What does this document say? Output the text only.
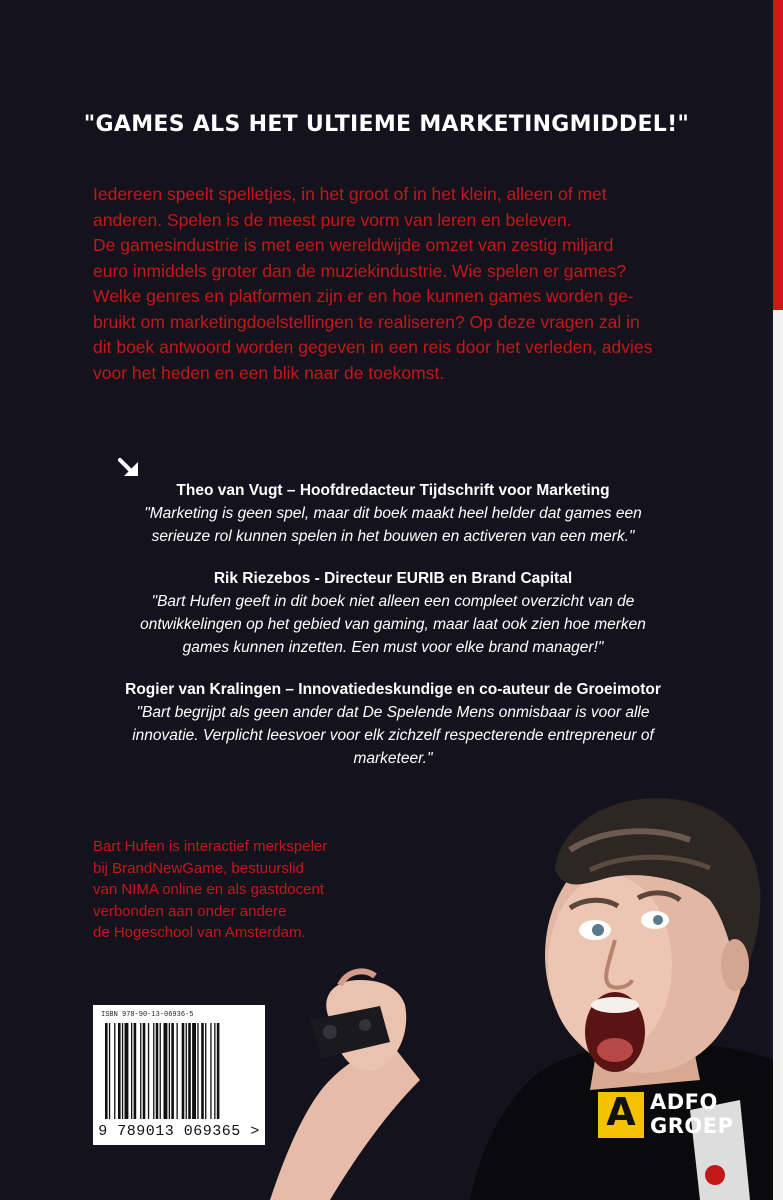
"GAMES ALS HET ULTIEME MARKETINGMIDDEL!"

Iedereen speelt spelletjes, in het groot of in het klein, alleen of met

anderen. Spelen is de meest pure vorm van leren en beleven.

De gamesindustrie is met een wereldwijde omzet van zestig miljard

euro inmiddels groter dan de muziekindustrie. Wie spelen er games?

Welke genres en platformen zijn er en hoe kunnen games worden ge-

bruikt om marketingdoelstellingen te realiseren? Op deze vragen zal in

dit boek antwoord worden gegeven in een reis door het verleden, advies

voor het heden en een blik naar de toekomst.

Theo van Vugt – Hoofdredacteur Tijdschrift voor Marketing
"Marketing is geen spel, maar dit boek maakt heel helder dat games een
serieuze rol kunnen spelen in het bouwen en activeren van een merk."
Rik Riezebos - Directeur EURIB en Brand Capital
"Bart Hufen geeft in dit boek niet alleen een compleet overzicht van de
ontwikkelingen op het gebied van gaming, maar laat ook zien hoe merken
games kunnen inzetten. Een must voor elke brand manager!"
Rogier van Kralingen – Innovatiedeskundige en co-auteur de Groeimotor
"Bart begrijpt als geen ander dat De Spelende Mens onmisbaar is voor alle
innovatie. Verplicht leesvoer voor elk zichzelf respecterende entrepreneur of
marketeer."
Bart Hufen is interactief merkspeler
bij BrandNewGame, bestuurslid
van NIMA online en als gastdocent
verbonden aan onder andere
de Hogeschool van Amsterdam.
ISBN 978-90-13-06936-5
9 789013 069365 >	A ADFO
GROEP
